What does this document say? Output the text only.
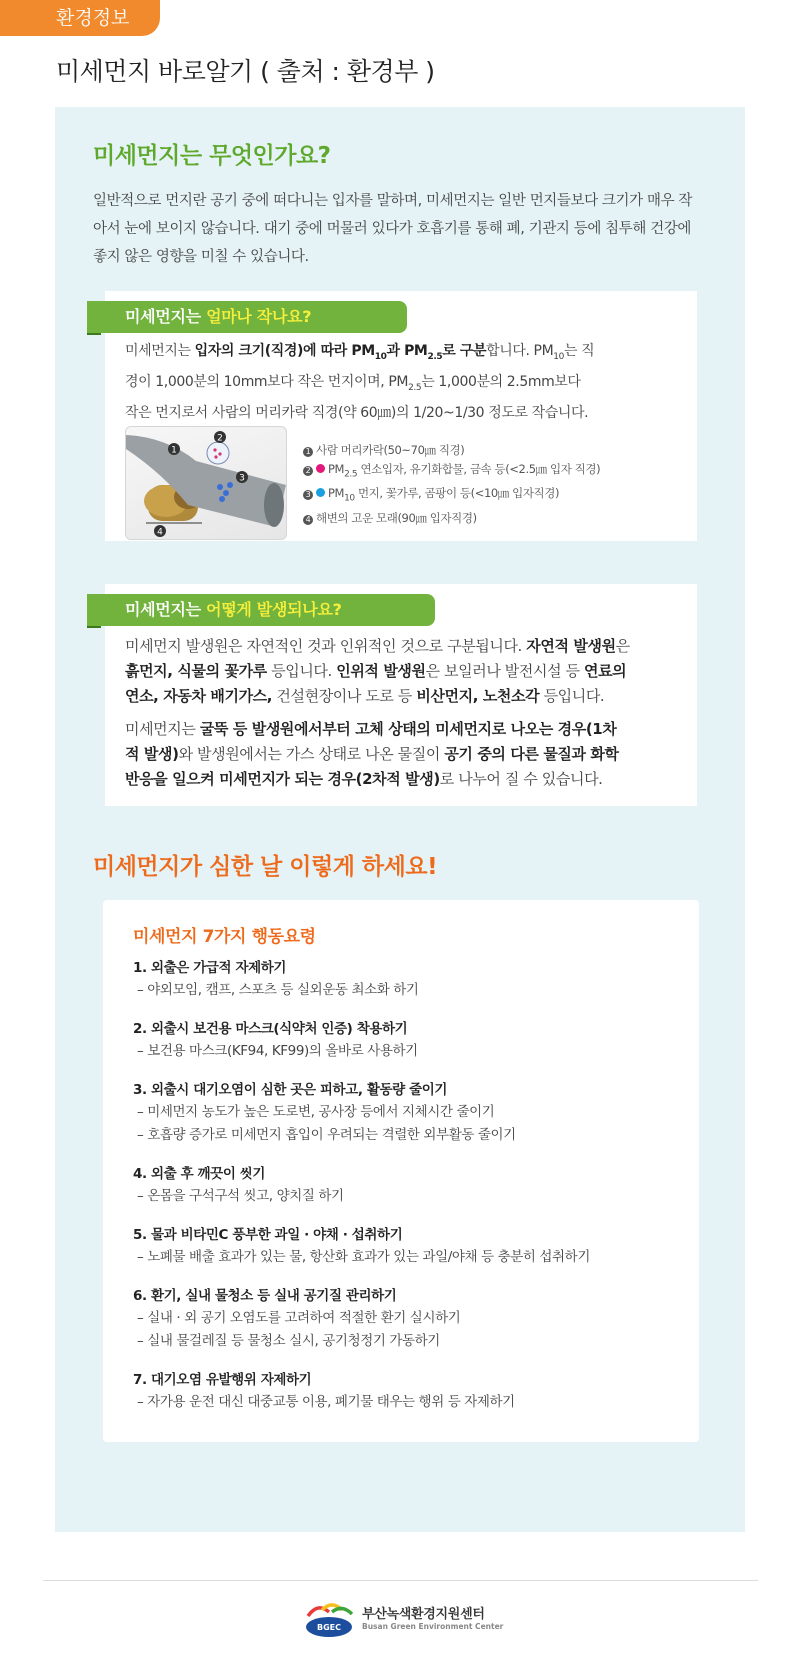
환경정보
미세먼지 바로알기 ( 출처 : 환경부 )
미세먼지는 무엇인가요?
일반적으로 먼지란 공기 중에 떠다니는 입자를 말하며, 미세먼지는 일반 먼지들보다 크기가 매우 작아서 눈에 보이지 않습니다. 대기 중에 머물러 있다가 호흡기를 통해 폐, 기관지 등에 침투해 건강에 좋지 않은 영향을 미칠 수 있습니다.
미세먼지는 얼마나 작나요?
미세먼지는 입자의 크기(직경)에 따라 $PM_{10}$과 $PM_{2.5}$로 구분합니다. $PM_{10}$는 직경이 1,000분의 10mm보다 작은 먼지이며, $PM_{2.5}$는 1,000분의 2.5mm보다 작은 먼지로서 사람의 머리카락 직경(약 60㎛)의 1/20~1/30 정도로 작습니다.
1
2
3
4
1 사람 머리카락(50~70㎛ 직경)
2 $PM_{2.5}$ 연소입자, 유기화합물, 금속 등(<2.5㎛ 입자 직경)
3 $PM_{10}$ 먼지, 꽃가루, 곰팡이 등(<10㎛ 입자직경)
4 해변의 고운 모래(90㎛ 입자직경)
미세먼지는 어떻게 발생되나요?
미세먼지 발생원은 자연적인 것과 인위적인 것으로 구분됩니다. 자연적 발생원은 흙먼지, 식물의 꽃가루 등입니다. 인위적 발생원은 보일러나 발전시설 등 연료의 연소, 자동차 배기가스, 건설현장이나 도로 등 비산먼지, 노천소각 등입니다.
미세먼지는 굴뚝 등 발생원에서부터 고체 상태의 미세먼지로 나오는 경우(1차적 발생)와 발생원에서는 가스 상태로 나온 물질이 공기 중의 다른 물질과 화학 반응을 일으켜 미세먼지가 되는 경우(2차적 발생)로 나누어 질 수 있습니다.
미세먼지가 심한 날 이렇게 하세요!
미세먼지 7가지 행동요령
1. 외출은 가급적 자제하기
– 야외모임, 캠프, 스포츠 등 실외운동 최소화 하기
2. 외출시 보건용 마스크(식약처 인증) 착용하기
– 보건용 마스크(KF94, KF99)의 올바로 사용하기
3. 외출시 대기오염이 심한 곳은 피하고, 활동량 줄이기
– 미세먼지 농도가 높은 도로변, 공사장 등에서 지체시간 줄이기
– 호흡량 증가로 미세먼지 흡입이 우려되는 격렬한 외부활동 줄이기
4. 외출 후 깨끗이 씻기
– 온몸을 구석구석 씻고, 양치질 하기
5. 물과 비타민C 풍부한 과일 · 야채 · 섭취하기
– 노폐물 배출 효과가 있는 물, 항산화 효과가 있는 과일/야채 등 충분히 섭취하기
6. 환기, 실내 물청소 등 실내 공기질 관리하기
– 실내 · 외 공기 오염도를 고려하여 적절한 환기 실시하기
– 실내 물걸레질 등 물청소 실시, 공기청정기 가동하기
7. 대기오염 유발행위 자제하기
– 자가용 운전 대신 대중교통 이용, 폐기물 태우는 행위 등 자제하기
BGEC
부산녹색환경지원센터
Busan Green Environment Center
